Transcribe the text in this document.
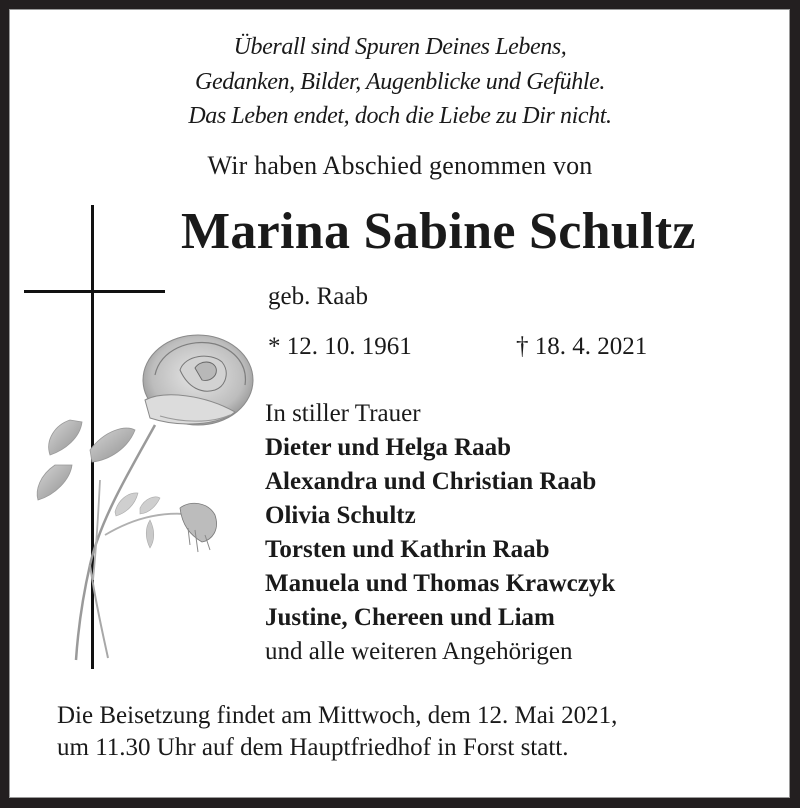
Überall sind Spuren Deines Lebens,
Gedanken, Bilder, Augenblicke und Gefühle.
Das Leben endet, doch die Liebe zu Dir nicht.
Wir haben Abschied genommen von
Marina Sabine Schultz
geb. Raab
* 12. 10. 1961	† 18. 4. 2021
In stiller Trauer
Dieter und Helga Raab
Alexandra und Christian Raab
Olivia Schultz
Torsten und Kathrin Raab
Manuela und Thomas Krawczyk
Justine, Chereen und Liam
und alle weiteren Angehörigen
Die Beisetzung findet am Mittwoch, dem 12. Mai 2021,
um 11.30 Uhr auf dem Hauptfriedhof in Forst statt.
